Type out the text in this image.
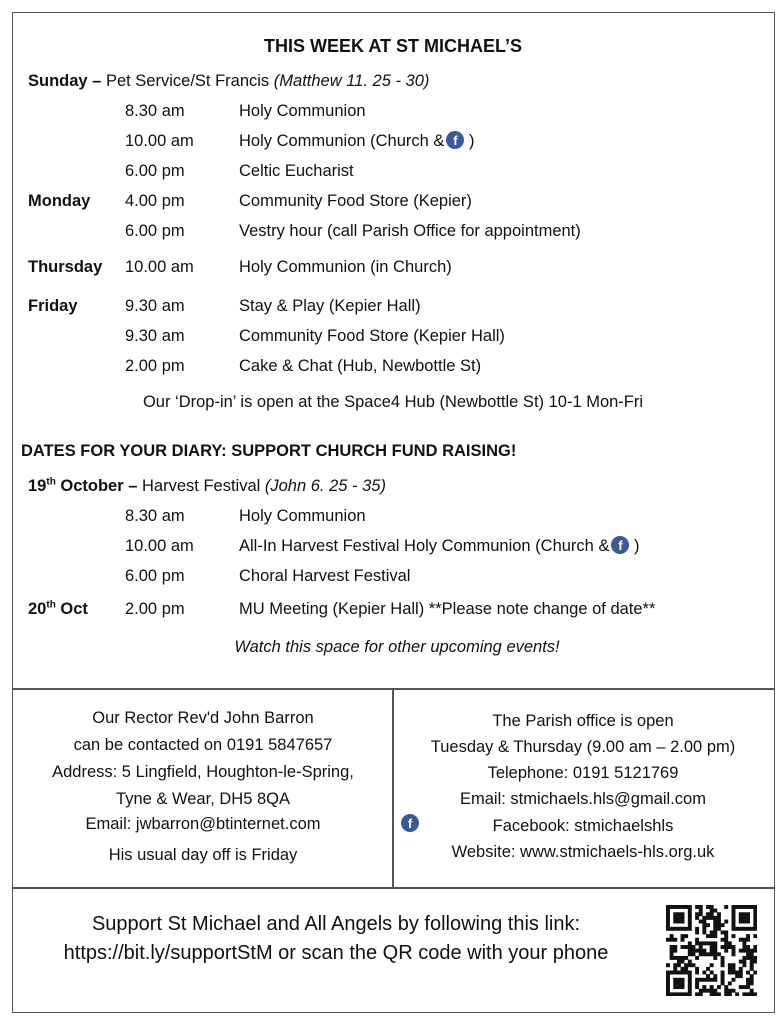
THIS WEEK AT ST MICHAEL’S
Sunday – Pet Service/St Francis (Matthew 11. 25 - 30)
8.30 am	Holy Communion
10.00 am	Holy Communion (Church & f )
6.00 pm	Celtic Eucharist
Monday 4.00 pm	Community Food Store (Kepier)
6.00 pm	Vestry hour (call Parish Office for appointment)
Thursday 10.00 am	Holy Communion (in Church)
Friday	9.30 am	Stay & Play (Kepier Hall)
9.30 am	Community Food Store (Kepier Hall)
2.00 pm	Cake & Chat (Hub, Newbottle St)
Our ‘Drop-in’ is open at the Space4 Hub (Newbottle St) 10-1 Mon-Fri
DATES FOR YOUR DIARY: SUPPORT CHURCH FUND RAISING!
19th October – Harvest Festival (John 6. 25 - 35)
8.30 am	Holy Communion
10.00 am	All-In Harvest Festival Holy Communion (Church & f )
6.00 pm	Choral Harvest Festival
20th Oct 2.00 pm	MU Meeting (Kepier Hall) **Please note change of date**
Watch this space for other upcoming events!
Our Rector Rev'd John Barron
can be contacted on 0191 5847657
Address: 5 Lingfield, Houghton-le-Spring,
Tyne & Wear, DH5 8QA
Email: jwbarron@btinternet.com
His usual day off is Friday
The Parish office is open
Tuesday & Thursday (9.00 am – 2.00 pm)
Telephone: 0191 5121769
Email: stmichaels.hls@gmail.com
Facebook: stmichaelshls
Website: www.stmichaels-hls.org.uk
f
Support St Michael and All Angels by following this link:
https://bit.ly/supportStM or scan the QR code with your phone
